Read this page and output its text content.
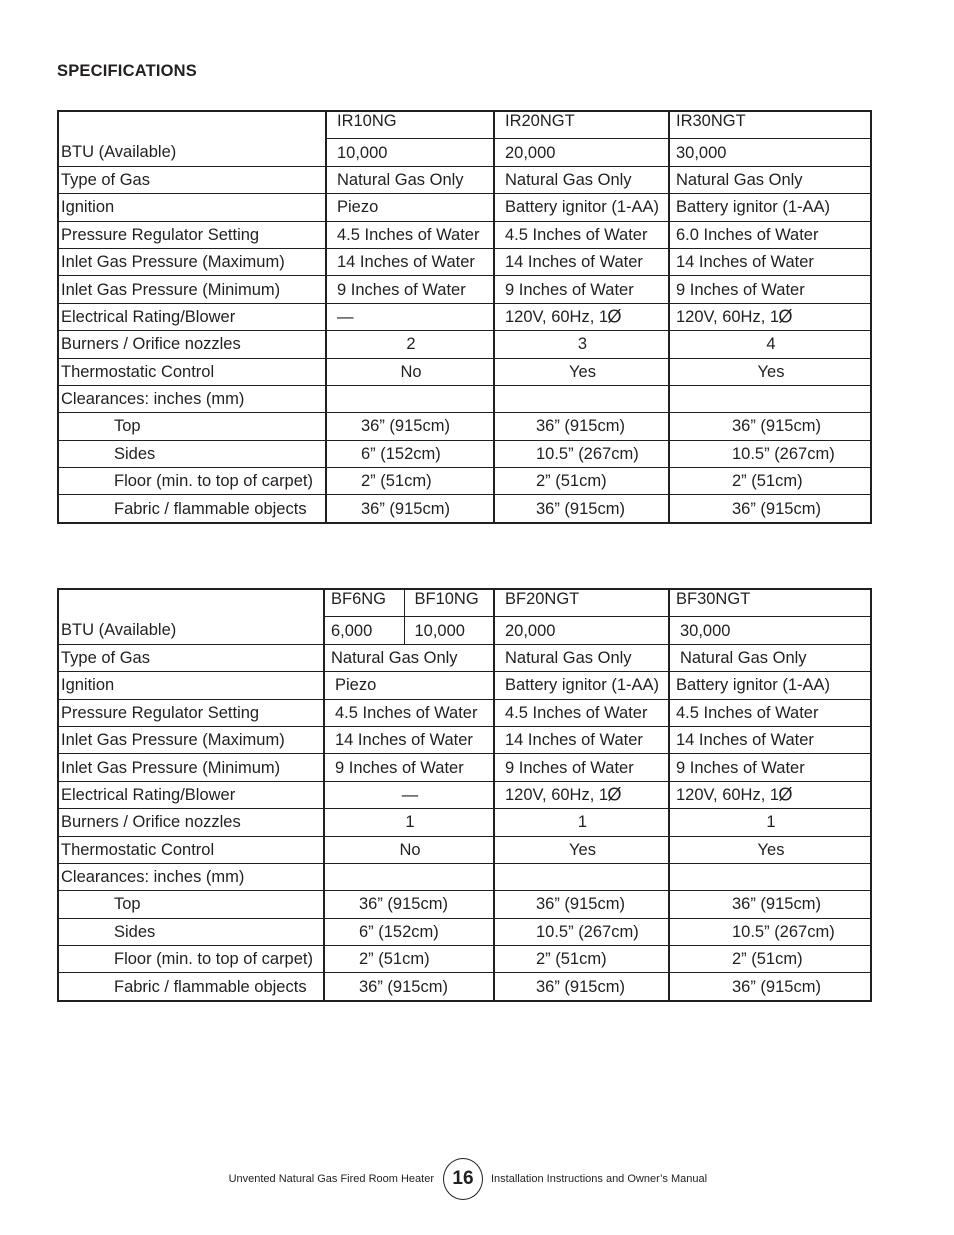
SPECIFICATIONS
	IR10NG	IR20NGT	IR30NGT
BTU (Available)	10,000	20,000	30,000
Type of Gas	Natural Gas Only	Natural Gas Only	Natural Gas Only
Ignition	Piezo	Battery ignitor (1-AA)	Battery ignitor (1-AA)
Pressure Regulator Setting	4.5 Inches of Water	4.5 Inches of Water	6.0 Inches of Water
Inlet Gas Pressure (Maximum)	14 Inches of Water	14 Inches of Water	14 Inches of Water
Inlet Gas Pressure (Minimum)	9 Inches of Water	9 Inches of Water	9 Inches of Water
Electrical Rating/Blower	—	120V, 60Hz, 1Ø	120V, 60Hz, 1Ø
Burners / Orifice nozzles	2	3	4
Thermostatic Control	No	Yes	Yes
Clearances: inches (mm)			
Top	36” (915cm)	36” (915cm)	36” (915cm)
Sides	6” (152cm)	10.5” (267cm)	10.5” (267cm)
Floor (min. to top of carpet)	2” (51cm)	2” (51cm)	2” (51cm)
Fabric / flammable objects	36” (915cm)	36” (915cm)	36” (915cm)
	BF6NG	BF10NG	BF20NGT	BF30NGT
BTU (Available)	6,000	10,000	20,000	30,000
Type of Gas	Natural Gas Only		Natural Gas Only	Natural Gas Only
Ignition	Piezo		Battery ignitor (1-AA)	Battery ignitor (1-AA)
Pressure Regulator Setting	4.5 Inches of Water		4.5 Inches of Water	4.5 Inches of Water
Inlet Gas Pressure (Maximum)	14 Inches of Water		14 Inches of Water	14 Inches of Water
Inlet Gas Pressure (Minimum)	9 Inches of Water		9 Inches of Water	9 Inches of Water
Electrical Rating/Blower	—		120V, 60Hz, 1Ø	120V, 60Hz, 1Ø
Burners / Orifice nozzles	1		1	1
Thermostatic Control	No		Yes	Yes
Clearances: inches (mm)				
Top	36” (915cm)		36” (915cm)	36” (915cm)
Sides	6” (152cm)		10.5” (267cm)	10.5” (267cm)
Floor (min. to top of carpet)	2” (51cm)		2” (51cm)	2” (51cm)
Fabric / flammable objects	36” (915cm)		36” (915cm)	36” (915cm)
Unvented Natural Gas Fired Room Heater 16	Installation Instructions and Owner’s Manual
